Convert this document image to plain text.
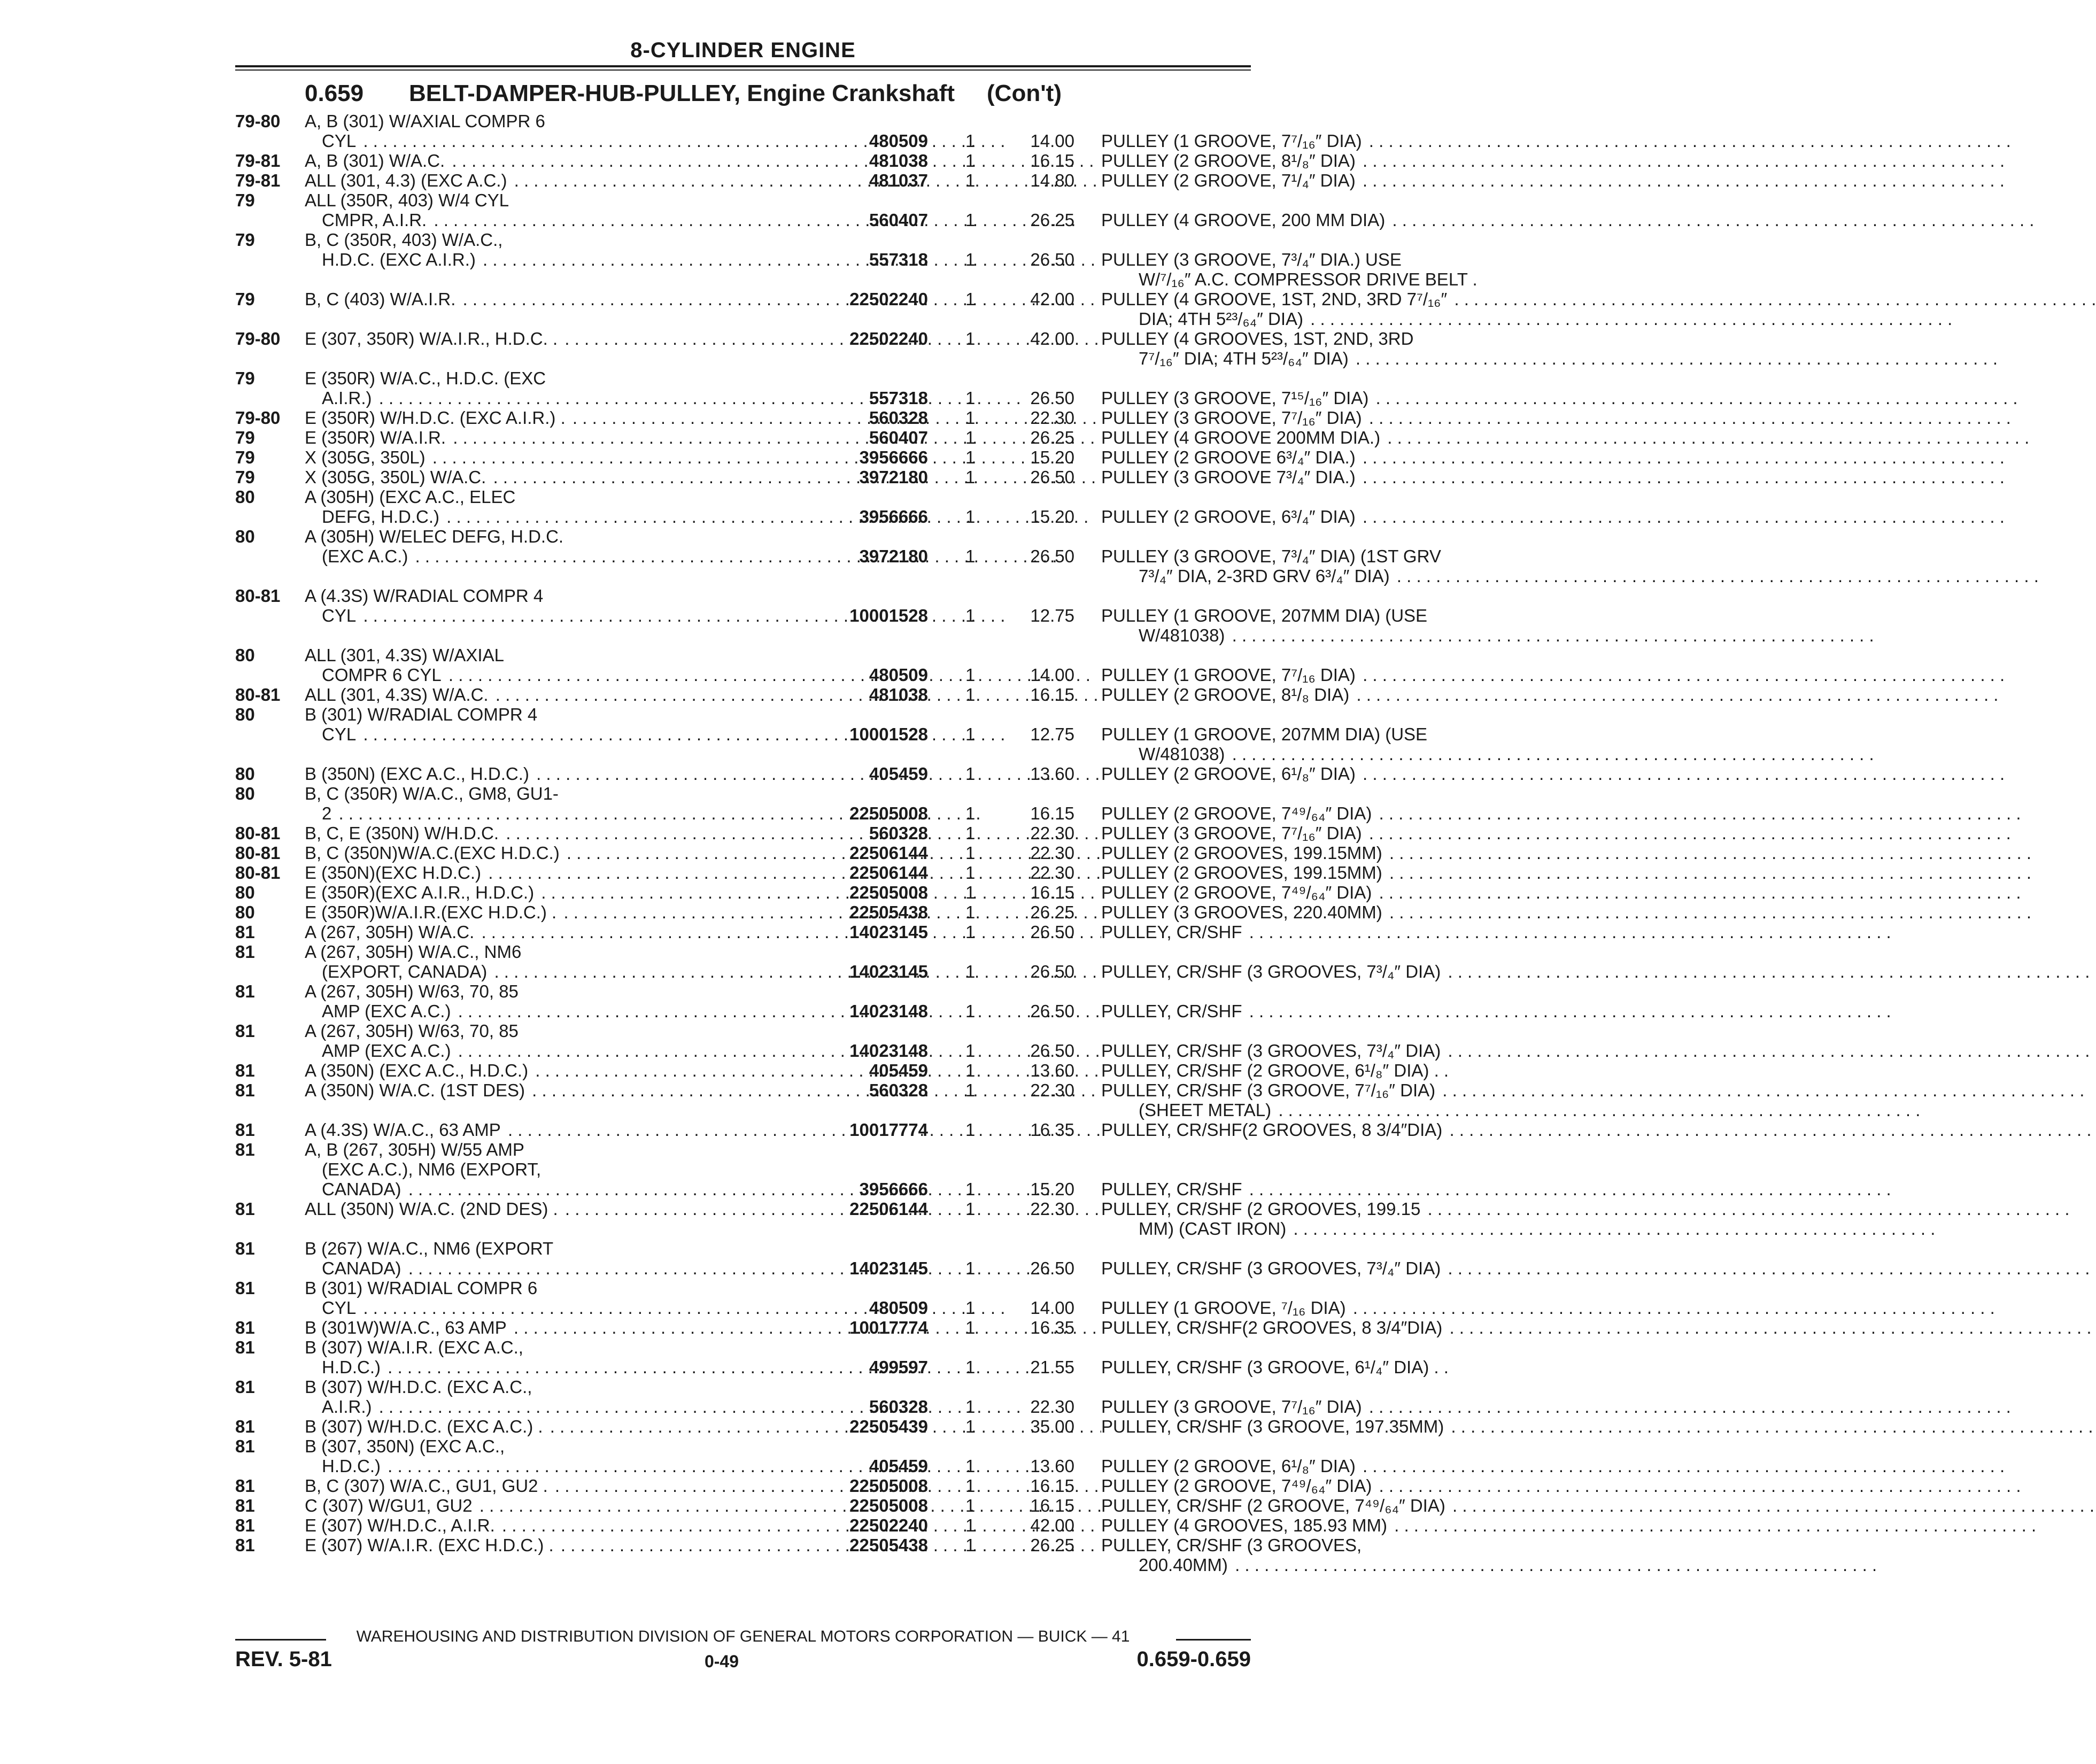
8-CYLINDER ENGINE
0.659 BELT-DAMPER-HUB-PULLEY, Engine Crankshaft (Con't)
79-80	A, B (301) W/AXIAL COMPR 6
CYL . . .	480509 1	14.00 PULLEY (1 GROOVE, 7⁷/₁₆″ DIA) . . .
79-81	A, B (301) W/A.C. . . .	481038 1	16.15 PULLEY (2 GROOVE, 8¹/₈″ DIA) . . .
79-81	ALL (301, 4.3) (EXC A.C.) . . .	481037 1	14.80 PULLEY (2 GROOVE, 7¹/₄″ DIA) . . .
79	ALL (350R, 403) W/4 CYL
CMPR, A.I.R. . . .	560407 1	26.25 PULLEY (4 GROOVE, 200 MM DIA) . . .
79	B, C (350R, 403) W/A.C.,
H.D.C. (EXC A.I.R.) . . .	557318 1	26.50 PULLEY (3 GROOVE, 7³/₄″ DIA.) USE
W/⁷/₁₆″ A.C. COMPRESSOR DRIVE BELT .
79	B, C (403) W/A.I.R. . . .	22502240 1	42.00 PULLEY (4 GROOVE, 1ST, 2ND, 3RD 7⁷/₁₆″ . . .
DIA; 4TH 5²³/₆₄″ DIA) . . .
79-80	E (307, 350R) W/A.I.R., H.D.C. . . . .	22502240 1	42.00 PULLEY (4 GROOVES, 1ST, 2ND, 3RD
7⁷/₁₆″ DIA; 4TH 5²³/₆₄″ DIA) . . .
79	E (350R) W/A.C., H.D.C. (EXC
A.I.R.) . . .	557318 1	26.50 PULLEY (3 GROOVE, 7¹⁵/₁₆″ DIA) . . .
79-80	E (350R) W/H.D.C. (EXC A.I.R.) . . . .	560328 1	22.30 PULLEY (3 GROOVE, 7⁷/₁₆″ DIA) . . .
79	E (350R) W/A.I.R. . . .	560407 1	26.25 PULLEY (4 GROOVE 200MM DIA.) . . .
79	X (305G, 350L) . . .	3956666 1	15.20 PULLEY (2 GROOVE 6³/₄″ DIA.) . . .
79	X (305G, 350L) W/A.C. . . .	3972180 1	26.50 PULLEY (3 GROOVE 7³/₄″ DIA.) . . .
80	A (305H) (EXC A.C., ELEC
DEFG, H.D.C.) . . .	3956666 1	15.20 PULLEY (2 GROOVE, 6³/₄″ DIA) . . .
80	A (305H) W/ELEC DEFG, H.D.C.
(EXC A.C.) . . .	3972180 1	26.50 PULLEY (3 GROOVE, 7³/₄″ DIA) (1ST GRV
7³/₄″ DIA, 2-3RD GRV 6³/₄″ DIA) . . .
80-81	A (4.3S) W/RADIAL COMPR 4
CYL . . .	10001528 1	12.75 PULLEY (1 GROOVE, 207MM DIA) (USE
W/481038) . . .
80	ALL (301, 4.3S) W/AXIAL
COMPR 6 CYL . . .	480509 1	14.00 PULLEY (1 GROOVE, 7⁷/₁₆ DIA) . . .
80-81	ALL (301, 4.3S) W/A.C. . . .	481038 1	16.15 PULLEY (2 GROOVE, 8¹/₈ DIA) . . .
80	B (301) W/RADIAL COMPR 4
CYL . . .	10001528 1	12.75 PULLEY (1 GROOVE, 207MM DIA) (USE
W/481038) . . .
80	B (350N) (EXC A.C., H.D.C.) . . .	405459 1	13.60 PULLEY (2 GROOVE, 6¹/₈″ DIA) . . .
80	B, C (350R) W/A.C., GM8, GU1-
2 . . .	22505008 1	16.15 PULLEY (2 GROOVE, 7⁴⁹/₆₄″ DIA) . . .
80-81	B, C, E (350N) W/H.D.C. . . .	560328 1	22.30 PULLEY (3 GROOVE, 7⁷/₁₆″ DIA) . . .
80-81	B, C (350N)W/A.C.(EXC H.D.C.) . . .	22506144 1	22.30 PULLEY (2 GROOVES, 199.15MM) . . .
80-81	E (350N)(EXC H.D.C.) . . .	22506144 1	22.30 PULLEY (2 GROOVES, 199.15MM) . . .
80	E (350R)(EXC A.I.R., H.D.C.) . . .	22505008 1	16.15 PULLEY (2 GROOVE, 7⁴⁹/₆₄″ DIA) . . .
80	E (350R)W/A.I.R.(EXC H.D.C.) . . . .	22505438 1	26.25 PULLEY (3 GROOVES, 220.40MM) . . .
81	A (267, 305H) W/A.C. . . .	14023145 1	26.50 PULLEY, CR/SHF . . .
81	A (267, 305H) W/A.C., NM6
(EXPORT, CANADA) . . .	14023145 1	26.50 PULLEY, CR/SHF (3 GROOVES, 7³/₄″ DIA) . . .
81	A (267, 305H) W/63, 70, 85
AMP (EXC A.C.) . . .	14023148 1	26.50 PULLEY, CR/SHF . . .
81	A (267, 305H) W/63, 70, 85
AMP (EXC A.C.) . . .	14023148 1	26.50 PULLEY, CR/SHF (3 GROOVES, 7³/₄″ DIA) . . .
81	A (350N) (EXC A.C., H.D.C.) . . .	405459 1	13.60 PULLEY, CR/SHF (2 GROOVE, 6¹/₈″ DIA) . .
81	A (350N) W/A.C. (1ST DES) . . .	560328 1	22.30 PULLEY, CR/SHF (3 GROOVE, 7⁷/₁₆″ DIA) . . .
(SHEET METAL) . . .
81	A (4.3S) W/A.C., 63 AMP . . .	10017774 1	16.35 PULLEY, CR/SHF(2 GROOVES, 8 3/4″DIA) . . .
81	A, B (267, 305H) W/55 AMP
(EXC A.C.), NM6 (EXPORT,
CANADA) . . .	3956666 1	15.20 PULLEY, CR/SHF . . .
81	ALL (350N) W/A.C. (2ND DES) . . . .	22506144 1	22.30 PULLEY, CR/SHF (2 GROOVES, 199.15 . . .
MM) (CAST IRON) . . .
81	B (267) W/A.C., NM6 (EXPORT
CANADA) . . .	14023145 1	26.50 PULLEY, CR/SHF (3 GROOVES, 7³/₄″ DIA) . . .
81	B (301) W/RADIAL COMPR 6
CYL . . .	480509 1	14.00 PULLEY (1 GROOVE, ⁷/₁₆ DIA) . . .
81	B (301W)W/A.C., 63 AMP . . .	10017774 1	16.35 PULLEY, CR/SHF(2 GROOVES, 8 3/4″DIA) . . .
81	B (307) W/A.I.R. (EXC A.C.,
H.D.C.) . . .	499597 1	21.55 PULLEY, CR/SHF (3 GROOVE, 6¹/₄″ DIA) . .
81	B (307) W/H.D.C. (EXC A.C.,
A.I.R.) . . .	560328 1	22.30 PULLEY (3 GROOVE, 7⁷/₁₆″ DIA) . . .
81	B (307) W/H.D.C. (EXC A.C.) . . . .	22505439 1	35.00 PULLEY, CR/SHF (3 GROOVE, 197.35MM) . . .
81	B (307, 350N) (EXC A.C.,
H.D.C.) . . .	405459 1	13.60 PULLEY (2 GROOVE, 6¹/₈″ DIA) . . .
81	B, C (307) W/A.C., GU1, GU2 . . . .	22505008 1	16.15 PULLEY (2 GROOVE, 7⁴⁹/₆₄″ DIA) . . .
81	C (307) W/GU1, GU2 . . .	22505008 1	16.15 PULLEY, CR/SHF (2 GROOVE, 7⁴⁹/₆₄″ DIA) . . .
81	E (307) W/H.D.C., A.I.R. . . .	22502240 1	42.00 PULLEY (4 GROOVES, 185.93 MM) . . .
81	E (307) W/A.I.R. (EXC H.D.C.) . . . .	22505438 1	26.25 PULLEY, CR/SHF (3 GROOVES,
200.40MM) . . .
WAREHOUSING AND DISTRIBUTION DIVISION OF GENERAL MOTORS CORPORATION — BUICK — 41
REV. 5-81	0-49	0.659-0.659
